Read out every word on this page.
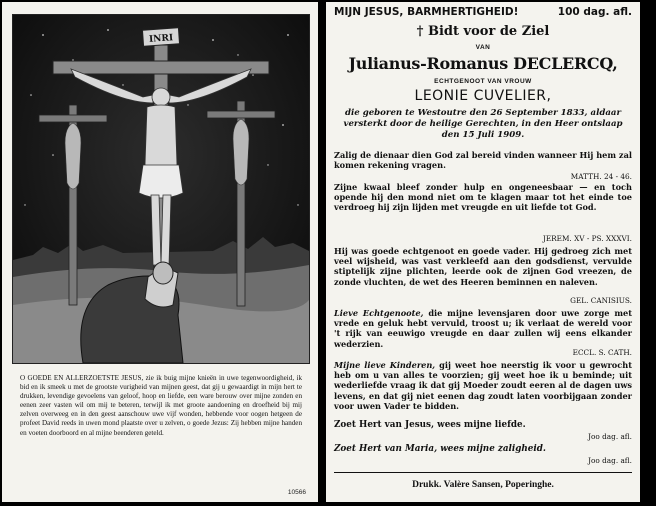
INRI

O GOEDE EN ALLERZOETSTE JESUS, zie ik buig mijne knieën in uwe tegenwoordigheid, ik bid en ik smeek u met de grootste vurigheid van mijnen geest, dat gij u gewaardigt in mijn hert te drukken, levendige gevoelens van geloof, hoop en liefde, een ware berouw over mijne zonden en eenen zeer vasten wil om mij te beteren, terwijl ik met groote aandoening en droefheid bij mij zelven overweeg en in den geest aanschouw uwe vijf wonden, hebbende voor oogen hetgeen de profeet David reeds in uwen mond plaatste over u zelven, o goede Jezus: Zij hebben mijne handen en voeten doorboord en al mijne beenderen geteld.

10566
MIJN JESUS, BARMHERTIGHEID!	100 dag. afl.
† Bidt voor de Ziel
VAN
Julianus-Romanus DECLERCQ,
ECHTGENOOT VAN VROUW
LEONIE CUVELIER,
die geboren te Westoutre den 26 September 1833, aldaar versterkt door de heilige Gerechten, in den Heer ontslaap den 15 Juli 1909.
Zalig de dienaar dien God zal bereid vinden wanneer Hij hem zal komen rekening vragen.
MATTH. 24 - 46.
Zijne kwaal bleef zonder hulp en ongeneesbaar — en toch opende hij den mond niet om te klagen maar tot het einde toe verdroeg hij zijn lijden met vreugde en uit liefde tot God.
JEREM. XV - PS. XXXVI.
Hij was goede echtgenoot en goede vader. Hij gedroeg zich met veel wijsheid, was vast verkleefd aan den godsdienst, vervulde stiptelijk zijne plichten, leerde ook de zijnen God vreezen, de zonde vluchten, de wet des Heeren beminnen en naleven.
GEL. CANISIUS.
Lieve Echtgenoote, die mijne levensjaren door uwe zorge met vrede en geluk hebt vervuld, troost u; ik verlaat de wereld voor 't rijk van eeuwigo vreugde en daar zullen wij eens elkander wederzien.
ECCL. S. CATH.
Mijne lieve Kinderen, gij weet hoe neerstig ik voor u gewrocht heb om u van alles te voorzien; gij weet hoe ik u beminde; uit wederliefde vraag ik dat gij Moeder zoudt eeren al de dagen uws levens, en dat gij niet eenen dag zoudt laten voorbijgaan zonder voor uwen Vader te bidden.
Zoet Hert van Jesus, wees mijne liefde.
Joo dag. afl.
Zoet Hert van Maria, wees mijne zaligheid.
Joo dag. afl.
Drukk. Valère Sansen, Poperinghe.
